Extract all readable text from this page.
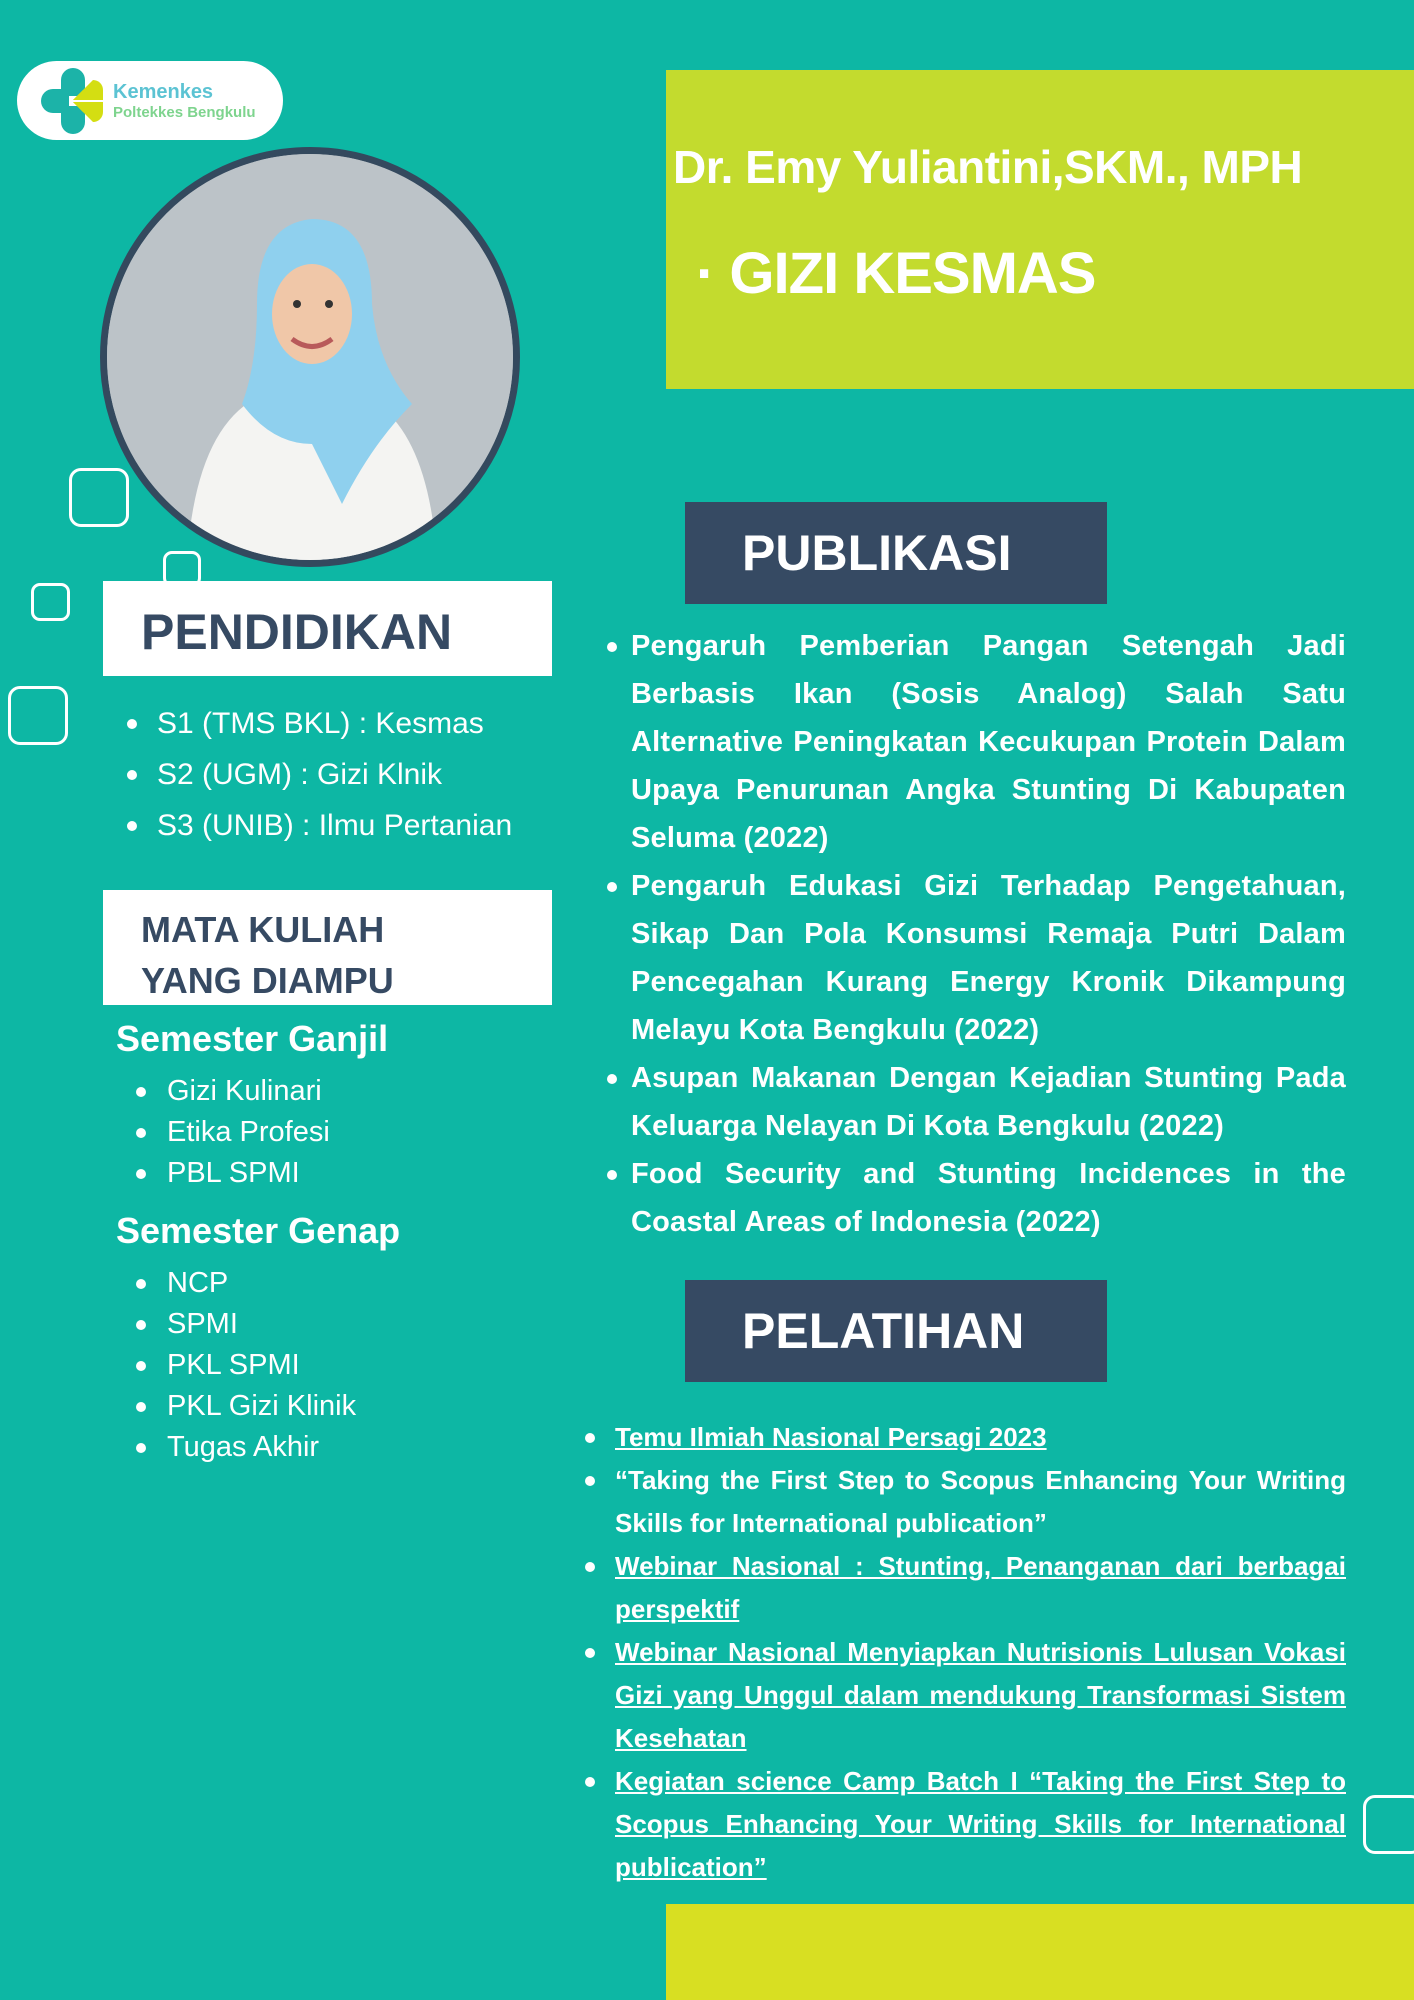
Kemenkes
Poltekkes Bengkulu
Dr. Emy Yuliantini,SKM., MPH
· GIZI KESMAS
PENDIDIKAN
S1 (TMS BKL) : Kesmas
S2 (UGM) : Gizi Klnik
S3 (UNIB) : Ilmu Pertanian
MATA KULIAH
YANG DIAMPU
Semester Ganjil
Gizi Kulinari
Etika Profesi
PBL SPMI
Semester Genap
NCP
SPMI
PKL SPMI
PKL Gizi Klinik
Tugas Akhir
PUBLIKASI
Pengaruh Pemberian Pangan Setengah Jadi Berbasis Ikan (Sosis Analog) Salah Satu Alternative Peningkatan Kecukupan Protein Dalam Upaya Penurunan Angka Stunting Di Kabupaten Seluma (2022)
Pengaruh Edukasi Gizi Terhadap Pengetahuan, Sikap Dan Pola Konsumsi Remaja Putri Dalam Pencegahan Kurang Energy Kronik Dikampung Melayu Kota Bengkulu (2022)
Asupan Makanan Dengan Kejadian Stunting Pada Keluarga Nelayan Di Kota Bengkulu (2022)
Food Security and Stunting Incidences in the Coastal Areas of Indonesia (2022)
PELATIHAN
Temu Ilmiah Nasional Persagi 2023
“Taking the First Step to Scopus Enhancing Your Writing Skills for International publication”
Webinar Nasional : Stunting, Penanganan dari berbagai perspektif
Webinar Nasional Menyiapkan Nutrisionis Lulusan Vokasi Gizi yang Unggul dalam mendukung Transformasi Sistem Kesehatan
Kegiatan science Camp Batch I “Taking the First Step to Scopus Enhancing Your Writing Skills for International publication”
